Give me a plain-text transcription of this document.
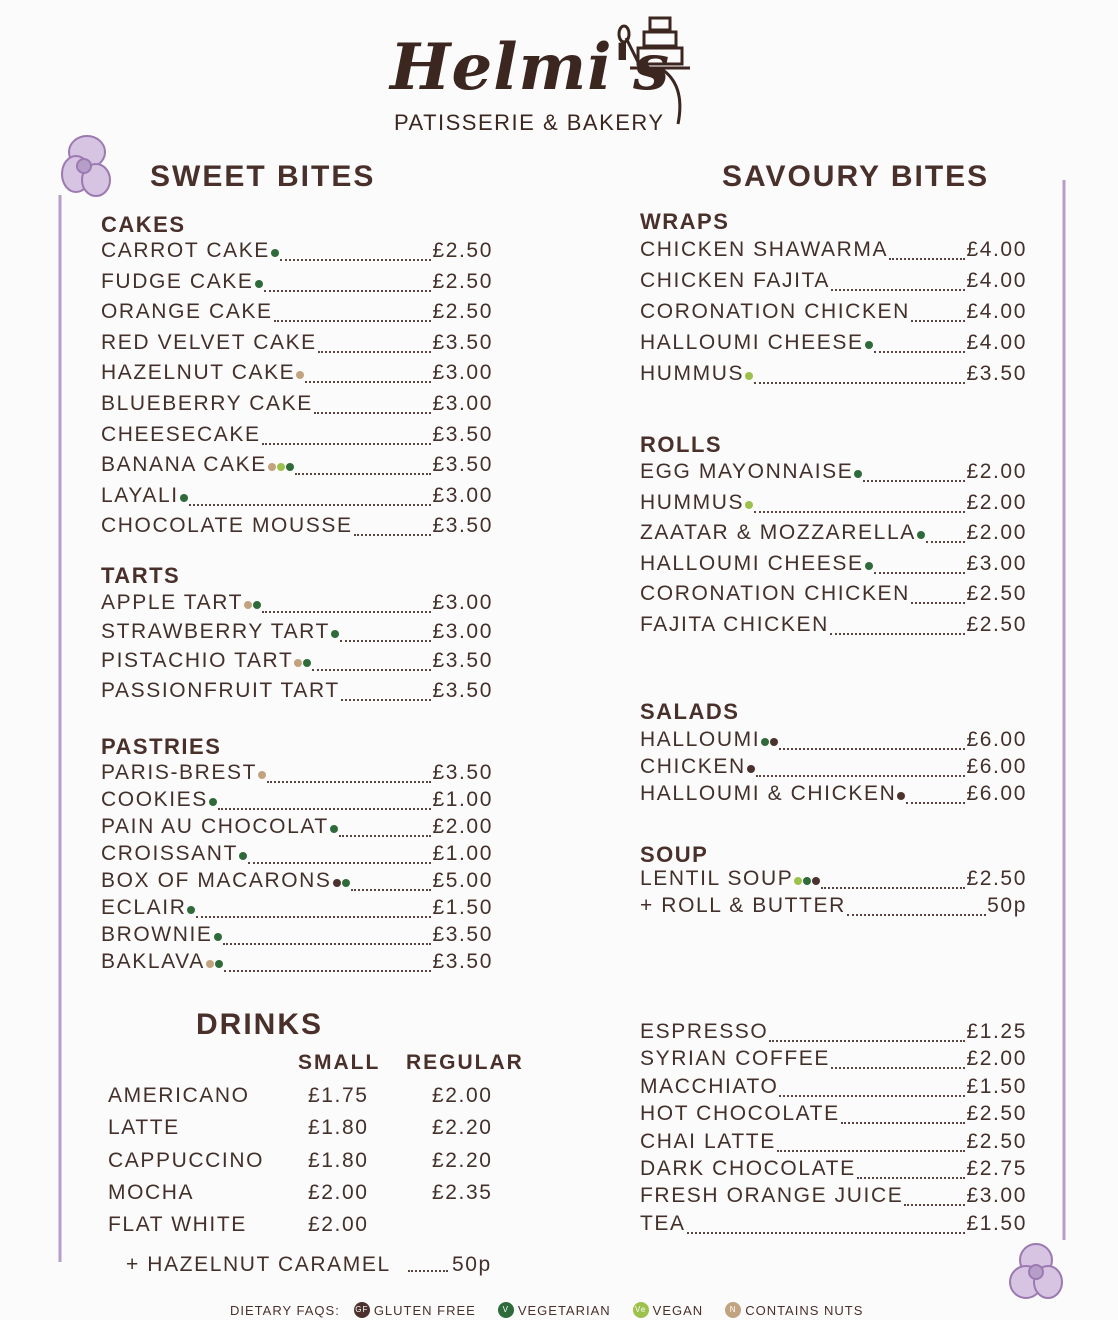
Helmi's
PATISSERIE & BAKERY
SWEET BITES	SAVOURY BITES
CAKES
TARTS
PASTRIES
WRAPS
ROLLS
SALADS
SOUP
CARROT CAKE	£2.50
FUDGE CAKE	£2.50
ORANGE CAKE	£2.50
RED VELVET CAKE	£3.50
HAZELNUT CAKE	£3.00
BLUEBERRY CAKE	£3.00
CHEESECAKE	£3.50
BANANA CAKE	£3.50
LAYALI	£3.00
CHOCOLATE MOUSSE	£3.50
APPLE TART	£3.00
STRAWBERRY TART	£3.00
PISTACHIO TART	£3.50
PASSIONFRUIT TART	£3.50
PARIS-BREST	£3.50
COOKIES	£1.00
PAIN AU CHOCOLAT	£2.00
CROISSANT	£1.00
BOX OF MACARONS	£5.00
ECLAIR	£1.50
BROWNIE	£3.50
BAKLAVA	£3.50
CHICKEN SHAWARMA	£4.00
CHICKEN FAJITA	£4.00
CORONATION CHICKEN	£4.00
HALLOUMI CHEESE	£4.00
HUMMUS	£3.50
EGG MAYONNAISE	£2.00
HUMMUS	£2.00
ZAATAR & MOZZARELLA £2.00
HALLOUMI CHEESE	£3.00
CORONATION CHICKEN	£2.50
FAJITA CHICKEN	£2.50
HALLOUMI	£6.00
CHICKEN	£6.00
HALLOUMI & CHICKEN	£6.00
LENTIL SOUP	£2.50
+ ROLL & BUTTER	50p
ESPRESSO	£1.25
SYRIAN COFFEE	£2.00
MACCHIATO	£1.50
HOT CHOCOLATE	£2.50
CHAI LATTE	£2.50
DARK CHOCOLATE	£2.75
FRESH ORANGE JUICE	£3.00
TEA	£1.50
DRINKS
SMALL REGULAR
AMERICANO	£1.75	£2.00
LATTE	£1.80	£2.20
CAPPUCCINO £1.80	£2.20
MOCHA	£2.00	£2.35
FLAT WHITE	£2.00
+ HAZELNUT CARAMEL	50p
DIETARY FAQS: GF GLUTEN FREE	V VEGETARIAN	Ve VEGAN	N CONTAINS NUTS
